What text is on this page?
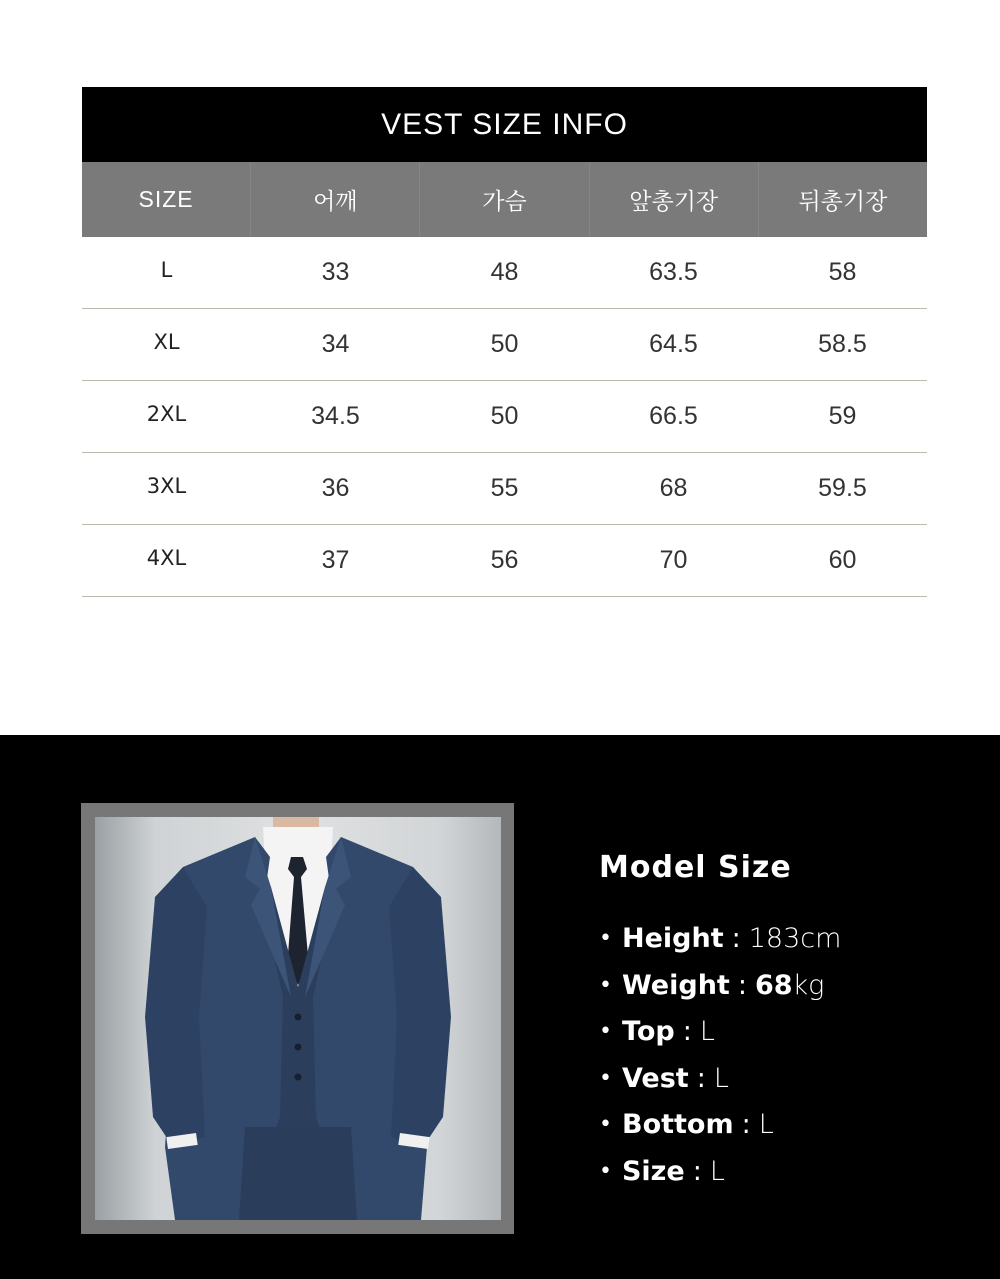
VEST SIZE INFO
SIZE	어깨	가슴	앞총기장	뒤총기장
L	33	48	63.5	58
XL	34	50	64.5	58.5
2XL	34.5	50	66.5	59
3XL	36	55	68	59.5
4XL	37	56	70	60
Model Size
• Height : 183cm
• Weight : 68kg
• Top : L
• Vest : L
• Bottom : L
• Size : L
